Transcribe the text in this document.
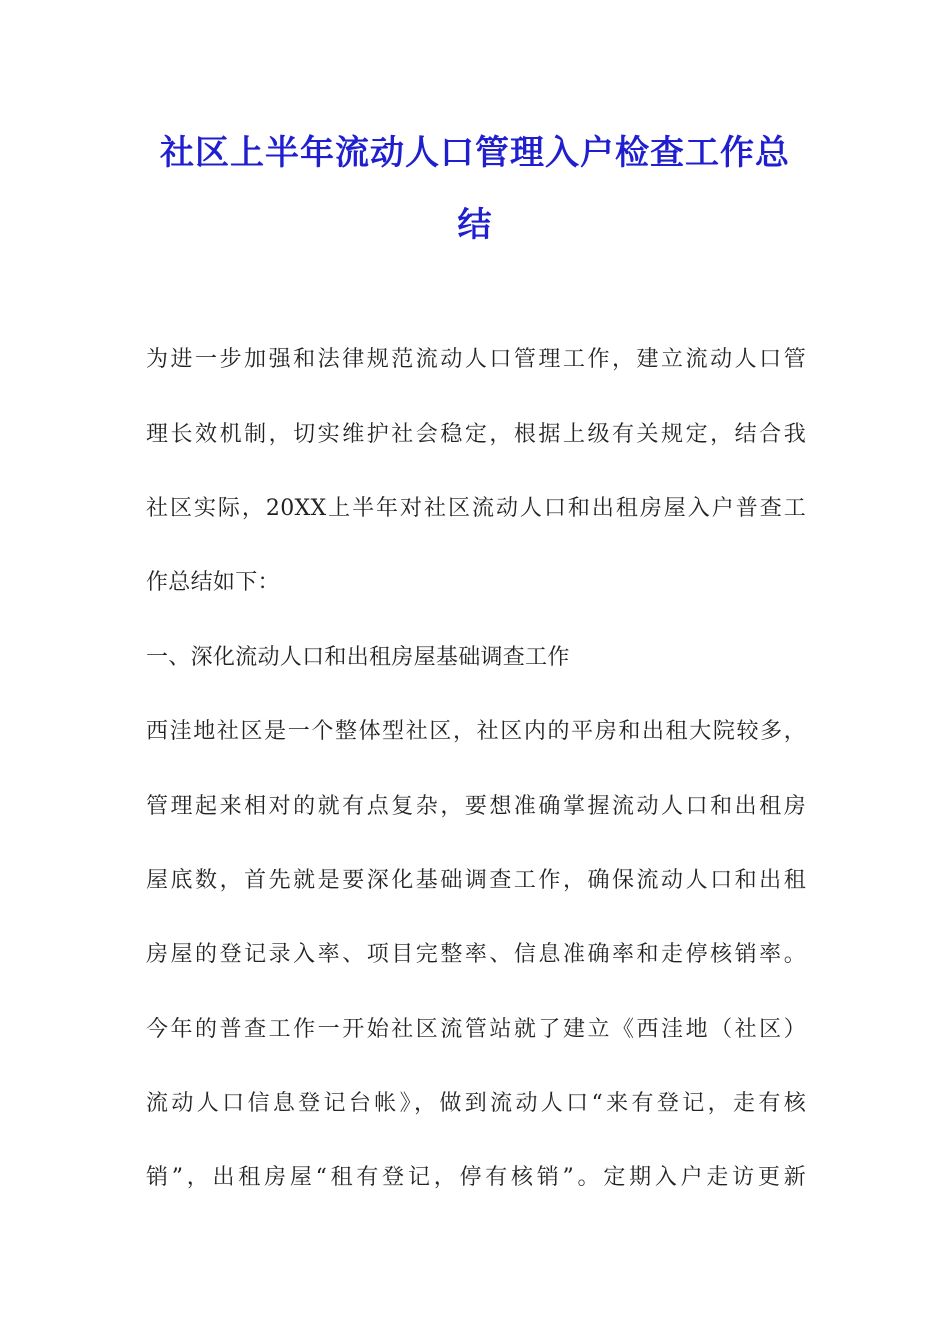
社区上半年流动人口管理入户检查工作总
结
为进一步加强和法律规范流动人口管理工作，建立流动人口管
理长效机制，切实维护社会稳定，根据上级有关规定，结合我
社区实际，20XX上半年对社区流动人口和出租房屋入户普查工
作总结如下：
一、深化流动人口和出租房屋基础调查工作
西洼地社区是一个整体型社区，社区内的平房和出租大院较多，
管理起来相对的就有点复杂，要想准确掌握流动人口和出租房
屋底数，首先就是要深化基础调查工作，确保流动人口和出租
房屋的登记录入率、项目完整率、信息准确率和走停核销率。
今年的普查工作一开始社区流管站就了建立《西洼地（社区）
流动人口信息登记台帐》，做到流动人口“来有登记，走有核
销”，出租房屋“租有登记，停有核销”。定期入户走访更新
